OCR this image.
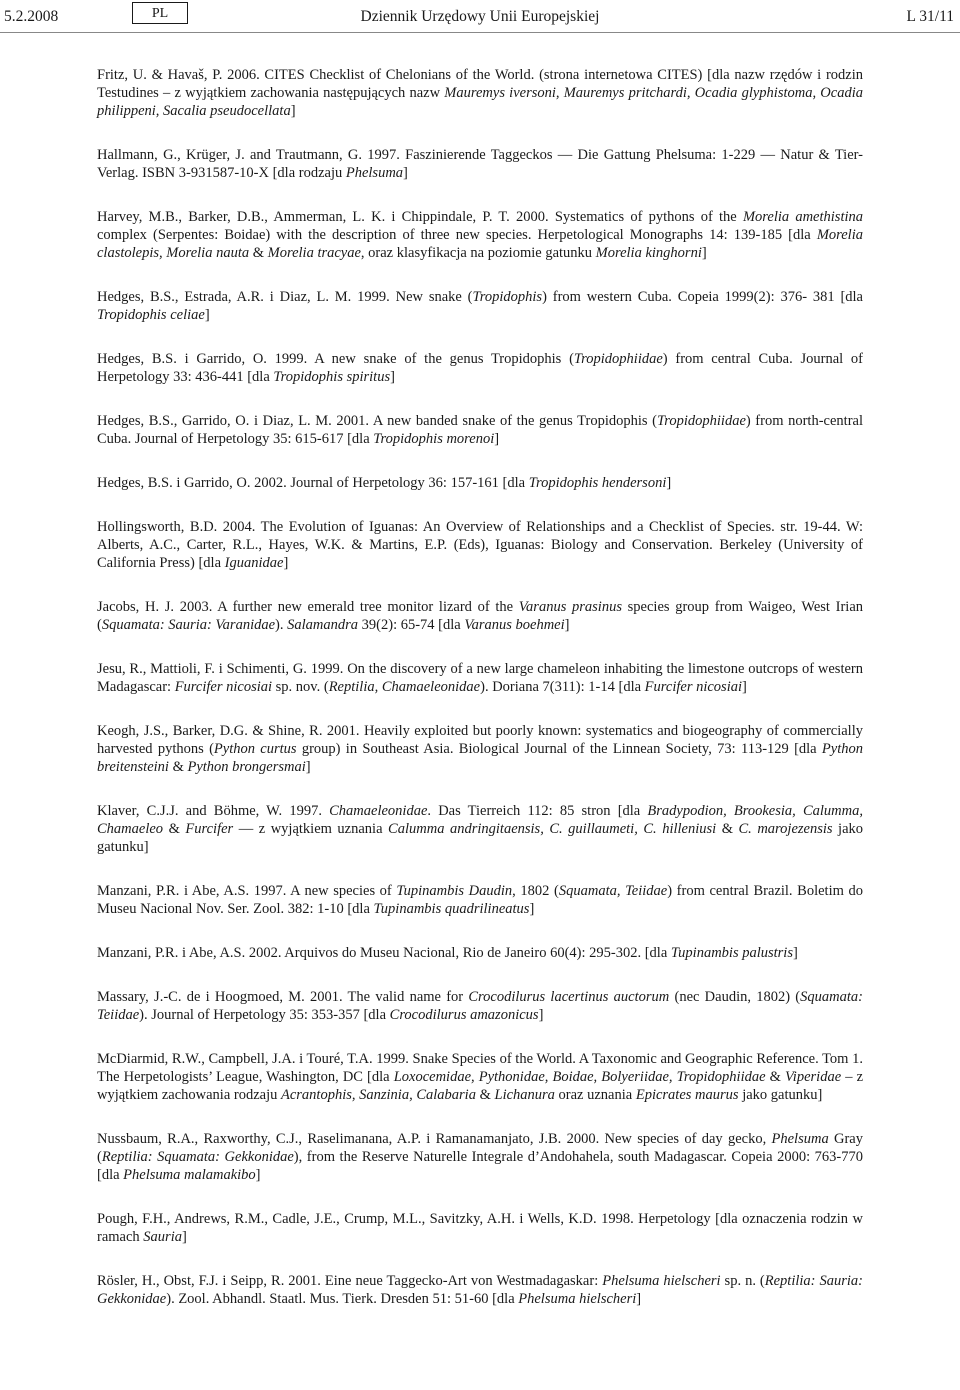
5.2.2008	PL	Dziennik Urzędowy Unii Europejskiej	L 31/11

Fritz, U. & Havaš, P. 2006. CITES Checklist of Chelonians of the World. (strona internetowa CITES) [dla nazw rzędów i rodzin Testudines – z wyjątkiem zachowania następujących nazw Mauremys iversoni, Mauremys pritchardi, Ocadia glyphistoma, Ocadia philippeni, Sacalia pseudocellata]

Hallmann, G., Krüger, J. and Trautmann, G. 1997. Faszinierende Taggeckos — Die Gattung Phelsuma: 1-229 — Natur & Tier-Verlag. ISBN 3-931587-10-X [dla rodzaju Phelsuma]

Harvey, M.B., Barker, D.B., Ammerman, L. K. i Chippindale, P. T. 2000. Systematics of pythons of the Morelia amethistina complex (Serpentes: Boidae) with the description of three new species. Herpetological Monographs 14: 139-185 [dla Morelia clastolepis, Morelia nauta & Morelia tracyae, oraz klasyfikacja na poziomie gatunku Morelia kinghorni]

Hedges, B.S., Estrada, A.R. i Diaz, L. M. 1999. New snake (Tropidophis) from western Cuba. Copeia 1999(2): 376- 381 [dla Tropidophis celiae]

Hedges, B.S. i Garrido, O. 1999. A new snake of the genus Tropidophis (Tropidophiidae) from central Cuba. Journal of Herpetology 33: 436-441 [dla Tropidophis spiritus]

Hedges, B.S., Garrido, O. i Diaz, L. M. 2001. A new banded snake of the genus Tropidophis (Tropidophiidae) from north-central Cuba. Journal of Herpetology 35: 615-617 [dla Tropidophis morenoi]

Hedges, B.S. i Garrido, O. 2002. Journal of Herpetology 36: 157-161 [dla Tropidophis hendersoni]

Hollingsworth, B.D. 2004. The Evolution of Iguanas: An Overview of Relationships and a Checklist of Species. str. 19-44. W: Alberts, A.C., Carter, R.L., Hayes, W.K. & Martins, E.P. (Eds), Iguanas: Biology and Conservation. Berkeley (University of California Press) [dla Iguanidae]

Jacobs, H. J. 2003. A further new emerald tree monitor lizard of the Varanus prasinus species group from Waigeo, West Irian (Squamata: Sauria: Varanidae). Salamandra 39(2): 65-74 [dla Varanus boehmei]

Jesu, R., Mattioli, F. i Schimenti, G. 1999. On the discovery of a new large chameleon inhabiting the limestone outcrops of western Madagascar: Furcifer nicosiai sp. nov. (Reptilia, Chamaeleonidae). Doriana 7(311): 1-14 [dla Furcifer nicosiai]

Keogh, J.S., Barker, D.G. & Shine, R. 2001. Heavily exploited but poorly known: systematics and biogeography of commercially harvested pythons (Python curtus group) in Southeast Asia. Biological Journal of the Linnean Society, 73: 113-129 [dla Python breitensteini & Python brongersmai]

Klaver, C.J.J. and Böhme, W. 1997. Chamaeleonidae. Das Tierreich 112: 85 stron [dla Bradypodion, Brookesia, Calumma, Chamaeleo & Furcifer — z wyjątkiem uznania Calumma andringitaensis, C. guillaumeti, C. hilleniusi & C. marojezensis jako gatunku]

Manzani, P.R. i Abe, A.S. 1997. A new species of Tupinambis Daudin, 1802 (Squamata, Teiidae) from central Brazil. Boletim do Museu Nacional Nov. Ser. Zool. 382: 1-10 [dla Tupinambis quadrilineatus]

Manzani, P.R. i Abe, A.S. 2002. Arquivos do Museu Nacional, Rio de Janeiro 60(4): 295-302. [dla Tupinambis palustris]

Massary, J.-C. de i Hoogmoed, M. 2001. The valid name for Crocodilurus lacertinus auctorum (nec Daudin, 1802) (Squamata: Teiidae). Journal of Herpetology 35: 353-357 [dla Crocodilurus amazonicus]

McDiarmid, R.W., Campbell, J.A. i Touré, T.A. 1999. Snake Species of the World. A Taxonomic and Geographic Reference. Tom 1. The Herpetologists’ League, Washington, DC [dla Loxocemidae, Pythonidae, Boidae, Bolyeriidae, Tropidophiidae & Viperidae – z wyjątkiem zachowania rodzaju Acrantophis, Sanzinia, Calabaria & Lichanura oraz uznania Epicrates maurus jako gatunku]

Nussbaum, R.A., Raxworthy, C.J., Raselimanana, A.P. i Ramanamanjato, J.B. 2000. New species of day gecko, Phelsuma Gray (Reptilia: Squamata: Gekkonidae), from the Reserve Naturelle Integrale d’Andohahela, south Madagascar. Copeia 2000: 763-770 [dla Phelsuma malamakibo]

Pough, F.H., Andrews, R.M., Cadle, J.E., Crump, M.L., Savitzky, A.H. i Wells, K.D. 1998. Herpetology [dla oznaczenia rodzin w ramach Sauria]

Rösler, H., Obst, F.J. i Seipp, R. 2001. Eine neue Taggecko-Art von Westmadagaskar: Phelsuma hielscheri sp. n. (Reptilia: Sauria: Gekkonidae). Zool. Abhandl. Staatl. Mus. Tierk. Dresden 51: 51-60 [dla Phelsuma hielscheri]
